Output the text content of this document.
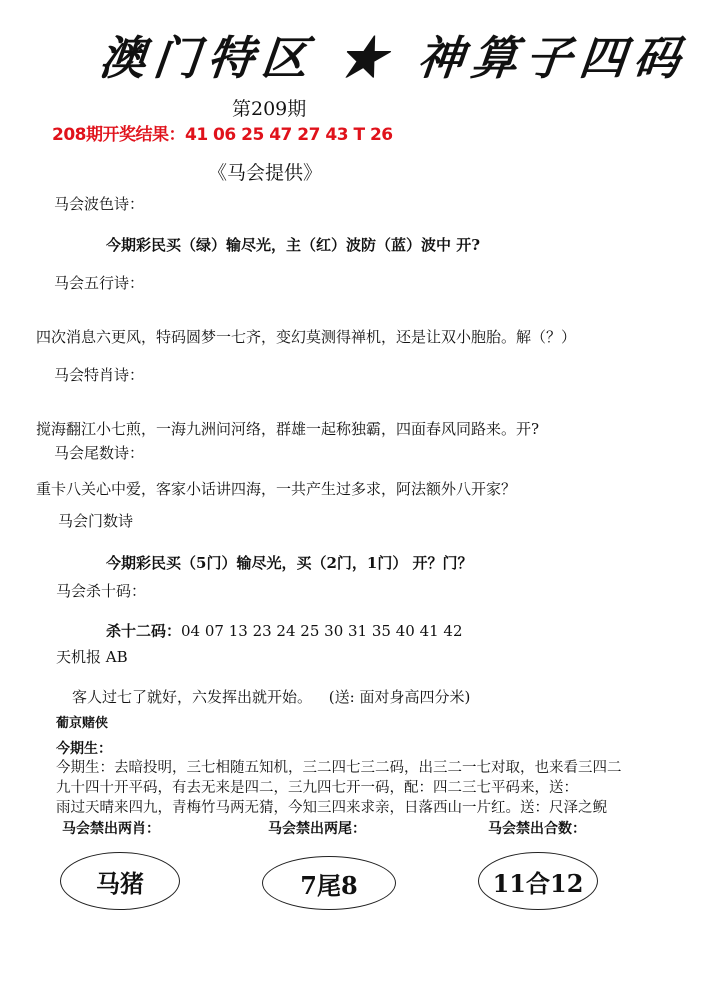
澳门特区 ★ 神算子四码
第209期
208期开奖结果：41 06 25 47 27 43 T 26
《马会提供》
马会波色诗：
今期彩民买（绿）输尽光，主（红）波防（蓝）波中 开?
马会五行诗：
四次消息六更风，特码圆梦一七齐，变幻莫测得禅机，还是让双小胞胎。解（？）
马会特肖诗：
搅海翻江小七煎，一海九洲问河络，群雄一起称独霸，四面春风同路来。开?
马会尾数诗：
重卡八关心中爱，客家小话讲四海，一共产生过多求，阿法额外八开家？
马会门数诗
今期彩民买（5门）输尽光，买（2门，1门） 开？门？
马会杀十码：
杀十二码：04 07 13 23 24 25 30 31 35 40 41 42
天机报 AB
客人过七了就好，六发挥出就开始。 (送: 面对身高四分米)
葡京赌侠
今期生：
今期生：去暗投明，三七相随五知机，三二四七三二码，出三二一七对取，也来看三四二
九十四十开平码，有去无来是四二，三九四七开一码，配：四二三七平码来，送：
雨过天晴来四九，青梅竹马两无猜，今知三四来求亲，日落西山一片红。送：尺泽之鲵
马会禁出两肖：	马会禁出两尾：	马会禁出合数：
马猪	7尾8	11合12
